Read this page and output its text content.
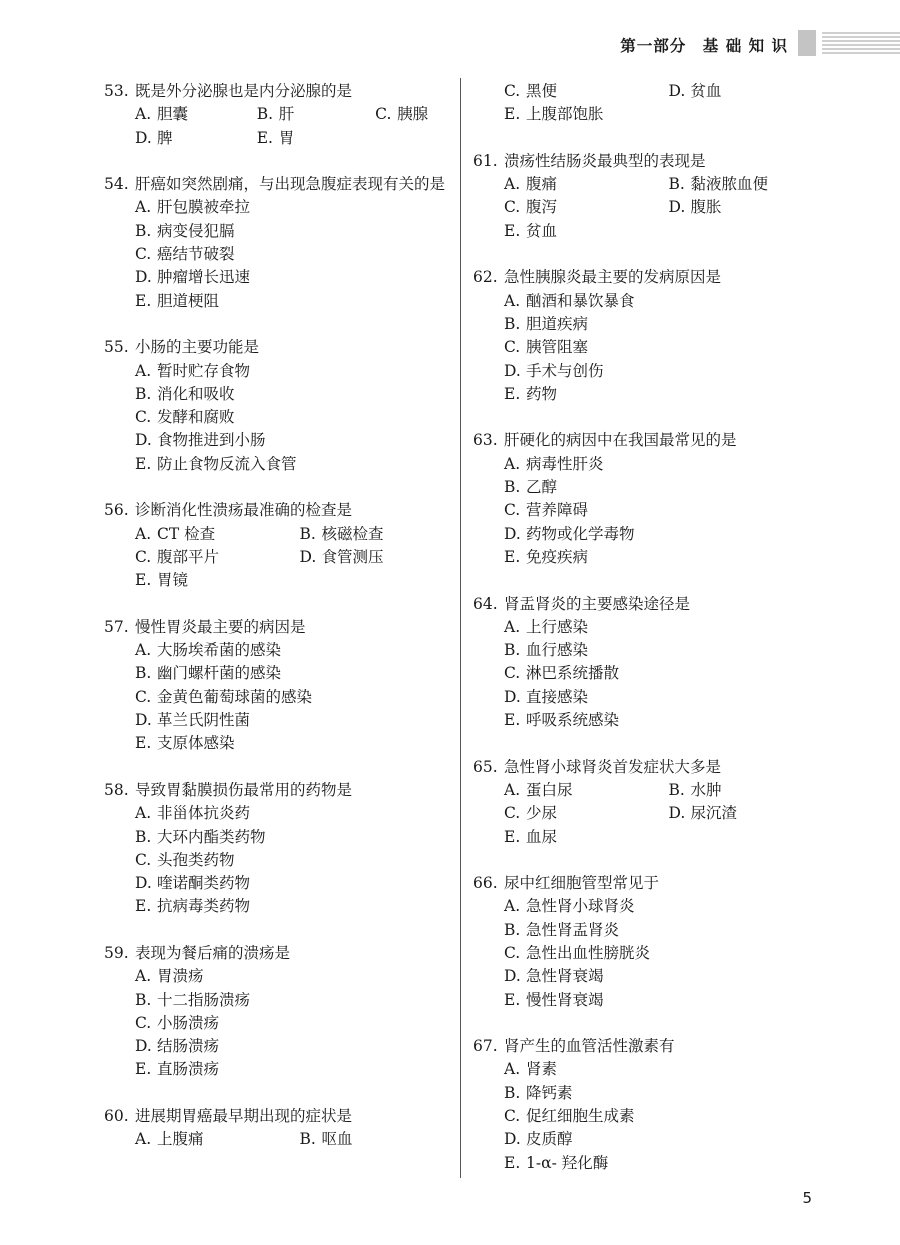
第一部分　基 础 知 识
53. 既是外分泌腺也是内分泌腺的是
A. 胆囊	B. 肝	C. 胰腺
D. 脾	E. 胃
54. 肝癌如突然剧痛，与出现急腹症表现有关的是
A. 肝包膜被牵拉
B. 病变侵犯膈
C. 癌结节破裂
D. 肿瘤增长迅速
E. 胆道梗阻
55. 小肠的主要功能是
A. 暂时贮存食物
B. 消化和吸收
C. 发酵和腐败
D. 食物推进到小肠
E. 防止食物反流入食管
56. 诊断消化性溃疡最准确的检查是
A. CT 检查	B. 核磁检查
C. 腹部平片	D. 食管测压
E. 胃镜
57. 慢性胃炎最主要的病因是
A. 大肠埃希菌的感染
B. 幽门螺杆菌的感染
C. 金黄色葡萄球菌的感染
D. 革兰氏阴性菌
E. 支原体感染
58. 导致胃黏膜损伤最常用的药物是
A. 非甾体抗炎药
B. 大环内酯类药物
C. 头孢类药物
D. 喹诺酮类药物
E. 抗病毒类药物
59. 表现为餐后痛的溃疡是
A. 胃溃疡
B. 十二指肠溃疡
C. 小肠溃疡
D. 结肠溃疡
E. 直肠溃疡
60. 进展期胃癌最早期出现的症状是
A. 上腹痛	B. 呕血
C. 黑便	D. 贫血
E. 上腹部饱胀
61. 溃疡性结肠炎最典型的表现是
A. 腹痛	B. 黏液脓血便
C. 腹泻	D. 腹胀
E. 贫血
62. 急性胰腺炎最主要的发病原因是
A. 酗酒和暴饮暴食
B. 胆道疾病
C. 胰管阻塞
D. 手术与创伤
E. 药物
63. 肝硬化的病因中在我国最常见的是
A. 病毒性肝炎
B. 乙醇
C. 营养障碍
D. 药物或化学毒物
E. 免疫疾病
64. 肾盂肾炎的主要感染途径是
A. 上行感染
B. 血行感染
C. 淋巴系统播散
D. 直接感染
E. 呼吸系统感染
65. 急性肾小球肾炎首发症状大多是
A. 蛋白尿	B. 水肿
C. 少尿	D. 尿沉渣
E. 血尿
66. 尿中红细胞管型常见于
A. 急性肾小球肾炎
B. 急性肾盂肾炎
C. 急性出血性膀胱炎
D. 急性肾衰竭
E. 慢性肾衰竭
67. 肾产生的血管活性激素有
A. 肾素
B. 降钙素
C. 促红细胞生成素
D. 皮质醇
E. 1-α- 羟化酶
5
